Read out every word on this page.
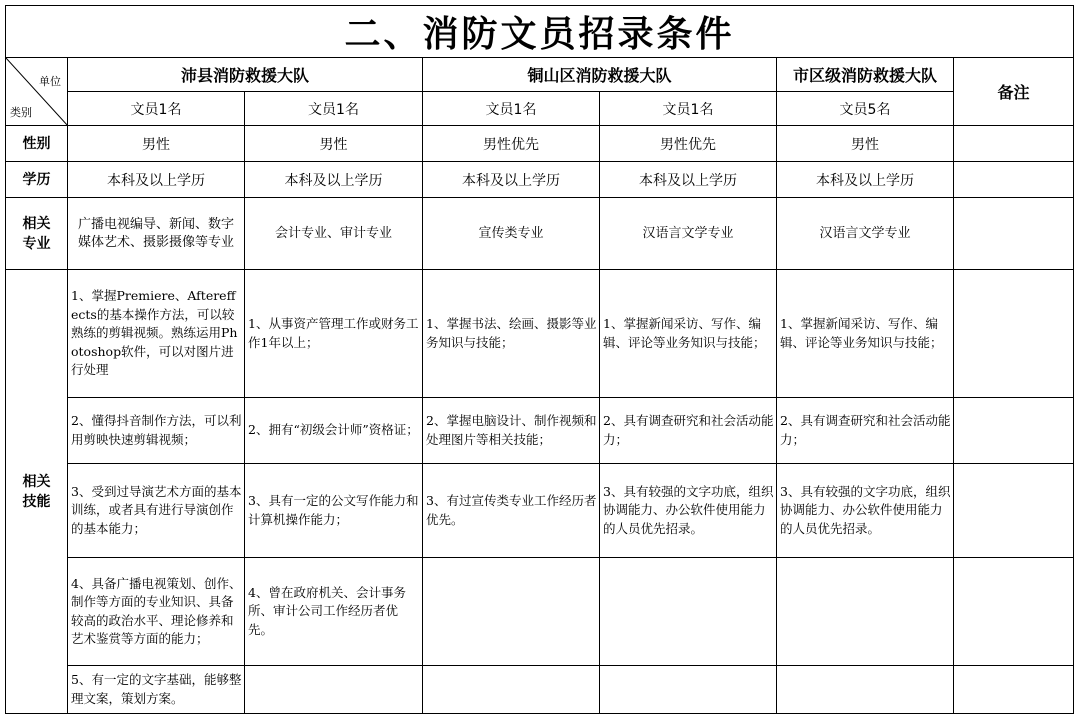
二、消防文员招录条件						

单位
类别	沛县消防救援大队		铜山区消防救援大队		市区级消防救援大队	备注
	文员1名	文员1名	文员1名	文员1名	文员5名	
性别	男性	男性	男性优先	男性优先	男性	
学历	本科及以上学历	本科及以上学历	本科及以上学历	本科及以上学历	本科及以上学历	
相关专业	广播电视编导、新闻、数字媒体艺术、摄影摄像等专业	会计专业、审计专业	宣传类专业	汉语言文学专业	汉语言文学专业	
相关技能	1、掌握Premiere、Aftereffects的基本操作方法，可以较熟练的剪辑视频。熟练运用Photoshop软件，可以对图片进行处理	1、从事资产管理工作或财务工作1年以上；	1、掌握书法、绘画、摄影等业务知识与技能；	1、掌握新闻采访、写作、编辑、评论等业务知识与技能；	1、掌握新闻采访、写作、编辑、评论等业务知识与技能；	
	2、懂得抖音制作方法，可以利用剪映快速剪辑视频；	2、拥有“初级会计师”资格证；	2、掌握电脑设计、制作视频和处理图片等相关技能；	2、具有调查研究和社会活动能力；	2、具有调查研究和社会活动能力；	
	3、受到过导演艺术方面的基本训练，或者具有进行导演创作的基本能力；	3、具有一定的公文写作能力和计算机操作能力；	3、有过宣传类专业工作经历者优先。	3、具有较强的文字功底，组织协调能力、办公软件使用能力的人员优先招录。	3、具有较强的文字功底，组织协调能力、办公软件使用能力的人员优先招录。	
	4、具备广播电视策划、创作、制作等方面的专业知识、具备较高的政治水平、理论修养和艺术鉴赏等方面的能力；	4、曾在政府机关、会计事务所、审计公司工作经历者优先。				
	5、有一定的文字基础，能够整理文案，策划方案。					
